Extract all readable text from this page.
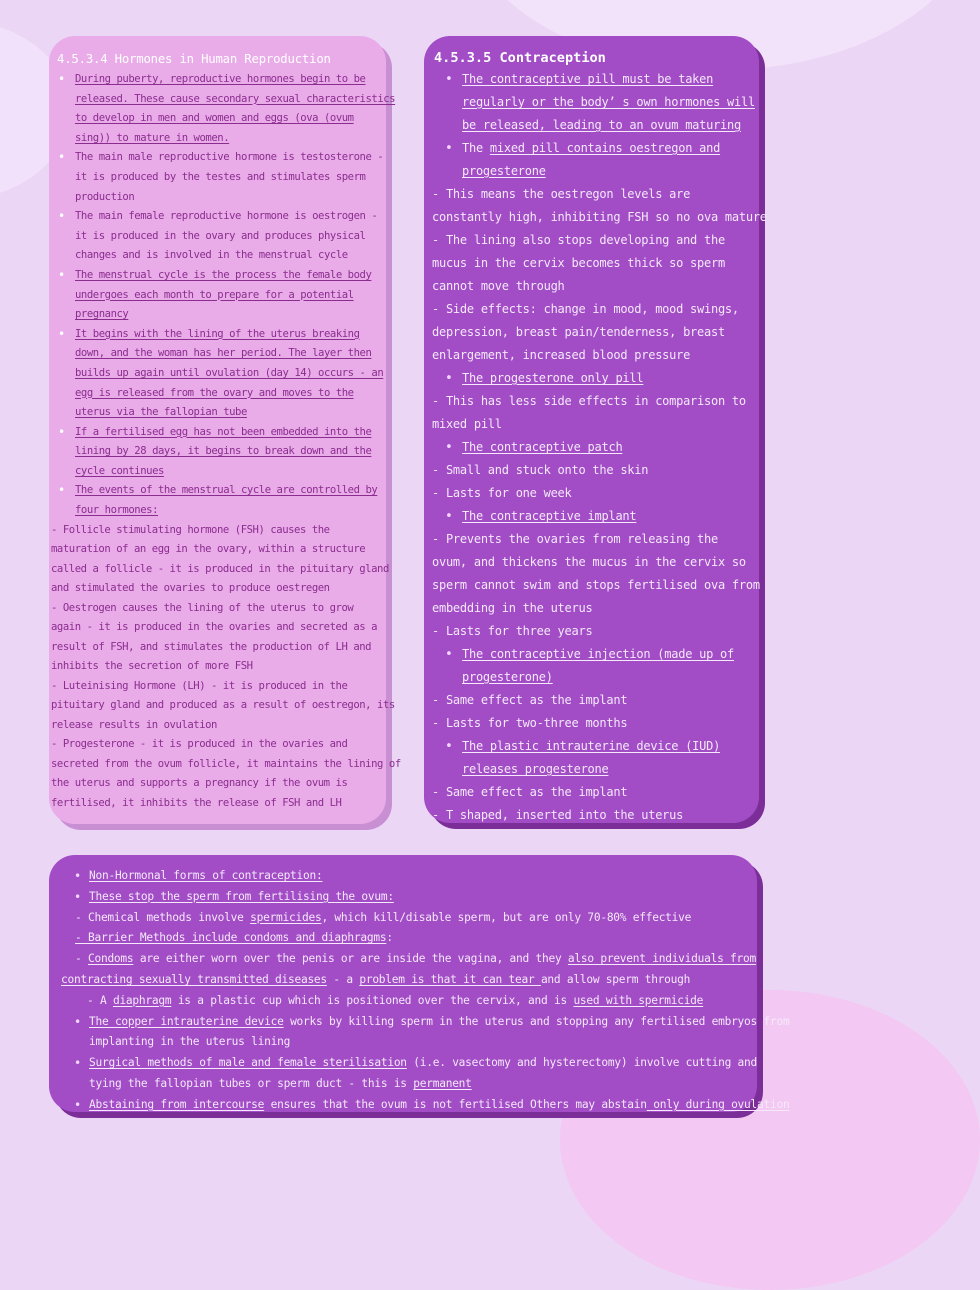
4.5.3.4 Hormones in Human Reproduction
• During puberty, reproductive hormones begin to be
released. These cause secondary sexual characteristics
to develop in men and women and eggs (ova (ovum
sing)) to mature in women.
• The main male reproductive hormone is testosterone -
it is produced by the testes and stimulates sperm
production
• The main female reproductive hormone is oestrogen -
it is produced in the ovary and produces physical
changes and is involved in the menstrual cycle
• The menstrual cycle is the process the female body
undergoes each month to prepare for a potential
pregnancy
• It begins with the lining of the uterus breaking
down, and the woman has her period. The layer then
builds up again until ovulation (day 14) occurs - an
egg is released from the ovary and moves to the
uterus via the fallopian tube
• If a fertilised egg has not been embedded into the
lining by 28 days, it begins to break down and the
cycle continues
• The events of the menstrual cycle are controlled by
four hormones:
- Follicle stimulating hormone (FSH) causes the
maturation of an egg in the ovary, within a structure
called a follicle - it is produced in the pituitary gland
and stimulated the ovaries to produce oestregen
- Oestrogen causes the lining of the uterus to grow
again - it is produced in the ovaries and secreted as a
result of FSH, and stimulates the production of LH and
inhibits the secretion of more FSH
- Luteinising Hormone (LH) - it is produced in the
pituitary gland and produced as a result of oestregon, its
release results in ovulation
- Progesterone - it is produced in the ovaries and
secreted from the ovum follicle, it maintains the lining of
the uterus and supports a pregnancy if the ovum is
fertilised, it inhibits the release of FSH and LH
4.5.3.5 Contraception
• The contraceptive pill must be taken
regularly or the body’ s own hormones will
be released, leading to an ovum maturing
• The mixed pill contains oestregon and
progesterone
- This means the oestregon levels are
constantly high, inhibiting FSH so no ova mature
- The lining also stops developing and the
mucus in the cervix becomes thick so sperm
cannot move through
- Side effects: change in mood, mood swings,
depression, breast pain/tenderness, breast
enlargement, increased blood pressure
• The progesterone only pill
- This has less side effects in comparison to
mixed pill
• The contraceptive patch
- Small and stuck onto the skin
- Lasts for one week
• The contraceptive implant
- Prevents the ovaries from releasing the
ovum, and thickens the mucus in the cervix so
sperm cannot swim and stops fertilised ova from
embedding in the uterus
- Lasts for three years
• The contraceptive injection (made up of
progesterone)
- Same effect as the implant
- Lasts for two-three months
• The plastic intrauterine device (IUD)
releases progesterone
- Same effect as the implant
- T shaped, inserted into the uterus
• Non-Hormonal forms of contraception:
• These stop the sperm from fertilising the ovum:
- Chemical methods involve spermicides, which kill/disable sperm, but are only 70-80% effective
- Barrier Methods include condoms and diaphragms:
- Condoms are either worn over the penis or are inside the vagina, and they also prevent individuals from
contracting sexually transmitted diseases - a problem is that it can tear and allow sperm through
- A diaphragm is a plastic cup which is positioned over the cervix, and is used with spermicide
• The copper intrauterine device works by killing sperm in the uterus and stopping any fertilised embryos from
implanting in the uterus lining
• Surgical methods of male and female sterilisation (i.e. vasectomy and hysterectomy) involve cutting and
tying the fallopian tubes or sperm duct - this is permanent
• Abstaining from intercourse ensures that the ovum is not fertilised Others may abstain only during ovulation
